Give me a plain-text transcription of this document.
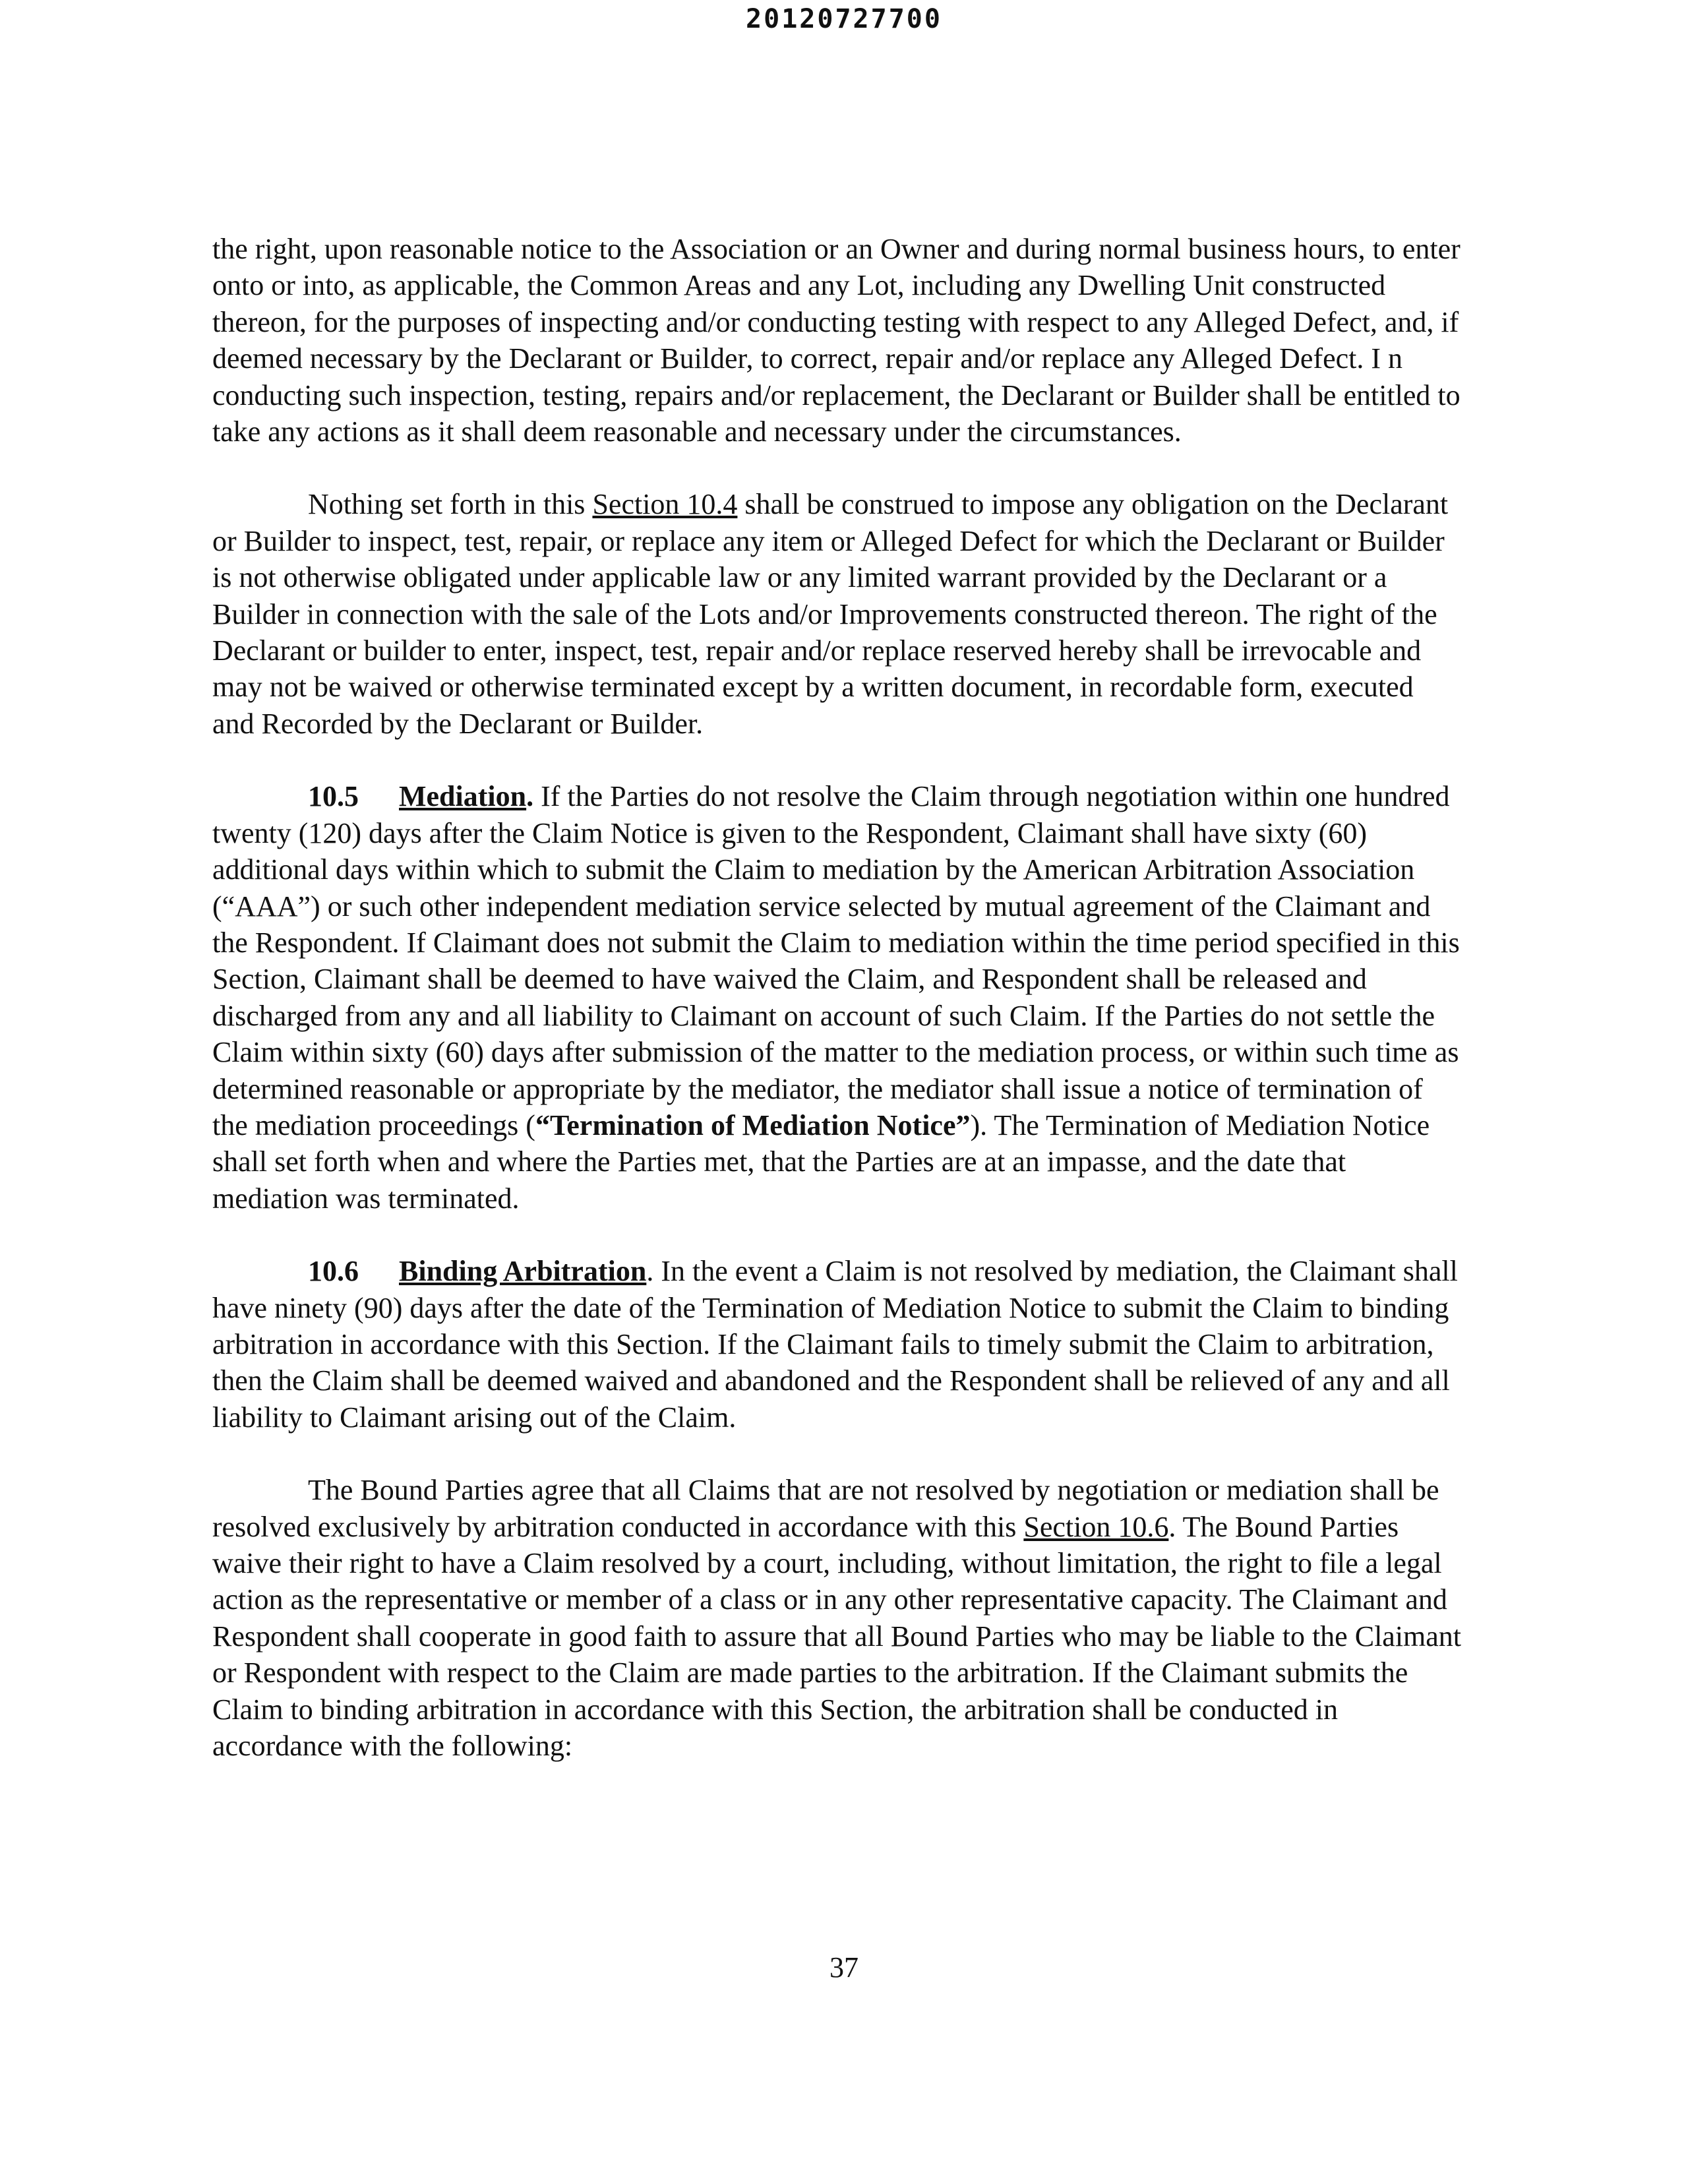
20120727700

the right, upon reasonable notice to the Association or an Owner and during normal business hours, to enter onto or into, as applicable, the Common Areas and any Lot, including any Dwelling Unit constructed thereon, for the purposes of inspecting and/or conducting testing with respect to any Alleged Defect, and, if deemed necessary by the Declarant or Builder, to correct, repair and/or replace any Alleged Defect. I n conducting such inspection, testing, repairs and/or replacement, the Declarant or Builder shall be entitled to take any actions as it shall deem reasonable and necessary under the circumstances.

Nothing set forth in this Section 10.4 shall be construed to impose any obligation on the Declarant or Builder to inspect, test, repair, or replace any item or Alleged Defect for which the Declarant or Builder is not otherwise obligated under applicable law or any limited warrant provided by the Declarant or a Builder in connection with the sale of the Lots and/or Improvements constructed thereon. The right of the Declarant or builder to enter, inspect, test, repair and/or replace reserved hereby shall be irrevocable and may not be waived or otherwise terminated except by a written document, in recordable form, executed and Recorded by the Declarant or Builder.

10.5 Mediation. If the Parties do not resolve the Claim through negotiation within one hundred twenty (120) days after the Claim Notice is given to the Respondent, Claimant shall have sixty (60) additional days within which to submit the Claim to mediation by the American Arbitration Association (“AAA”) or such other independent mediation service selected by mutual agreement of the Claimant and the Respondent. If Claimant does not submit the Claim to mediation within the time period specified in this Section, Claimant shall be deemed to have waived the Claim, and Respondent shall be released and discharged from any and all liability to Claimant on account of such Claim. If the Parties do not settle the Claim within sixty (60) days after submission of the matter to the mediation process, or within such time as determined reasonable or appropriate by the mediator, the mediator shall issue a notice of termination of the mediation proceedings (“Termination of Mediation Notice”). The Termination of Mediation Notice shall set forth when and where the Parties met, that the Parties are at an impasse, and the date that mediation was terminated.

10.6 Binding Arbitration. In the event a Claim is not resolved by mediation, the Claimant shall have ninety (90) days after the date of the Termination of Mediation Notice to submit the Claim to binding arbitration in accordance with this Section. If the Claimant fails to timely submit the Claim to arbitration, then the Claim shall be deemed waived and abandoned and the Respondent shall be relieved of any and all liability to Claimant arising out of the Claim.

The Bound Parties agree that all Claims that are not resolved by negotiation or mediation shall be resolved exclusively by arbitration conducted in accordance with this Section 10.6. The Bound Parties waive their right to have a Claim resolved by a court, including, without limitation, the right to file a legal action as the representative or member of a class or in any other representative capacity. The Claimant and Respondent shall cooperate in good faith to assure that all Bound Parties who may be liable to the Claimant or Respondent with respect to the Claim are made parties to the arbitration. If the Claimant submits the Claim to binding arbitration in accordance with this Section, the arbitration shall be conducted in accordance with the following:

37
